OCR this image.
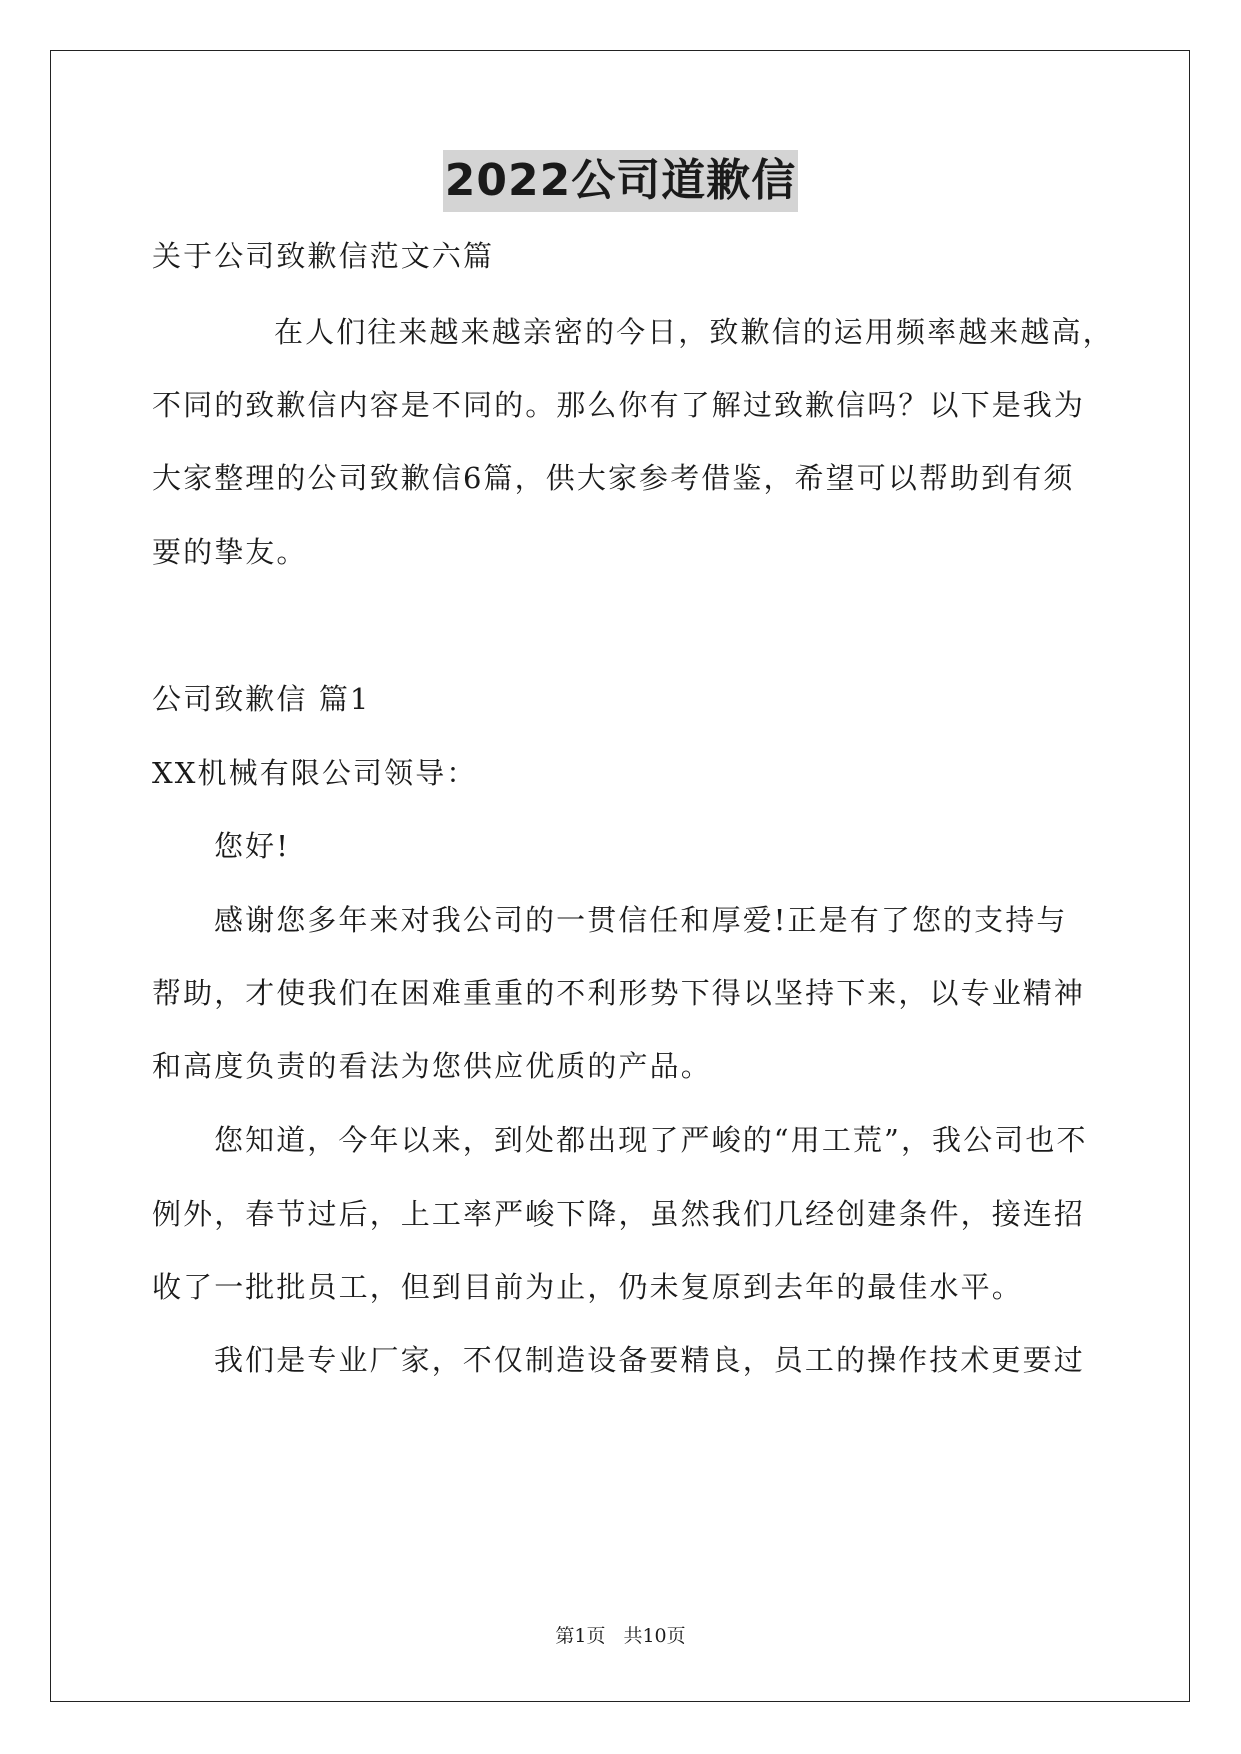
2022公司道歉信
关于公司致歉信范文六篇
在人们往来越来越亲密的今日，致歉信的运用频率越来越高，
不同的致歉信内容是不同的。那么你有了解过致歉信吗？以下是我为
大家整理的公司致歉信6篇，供大家参考借鉴，希望可以帮助到有须
要的挚友。
公司致歉信 篇1
XX机械有限公司领导：
您好!
感谢您多年来对我公司的一贯信任和厚爱!正是有了您的支持与
帮助，才使我们在困难重重的不利形势下得以坚持下来，以专业精神
和高度负责的看法为您供应优质的产品。
您知道，今年以来，到处都出现了严峻的“用工荒”，我公司也不
例外，春节过后，上工率严峻下降，虽然我们几经创建条件，接连招
收了一批批员工，但到目前为止，仍未复原到去年的最佳水平。
我们是专业厂家，不仅制造设备要精良，员工的操作技术更要过
第1页 共10页
